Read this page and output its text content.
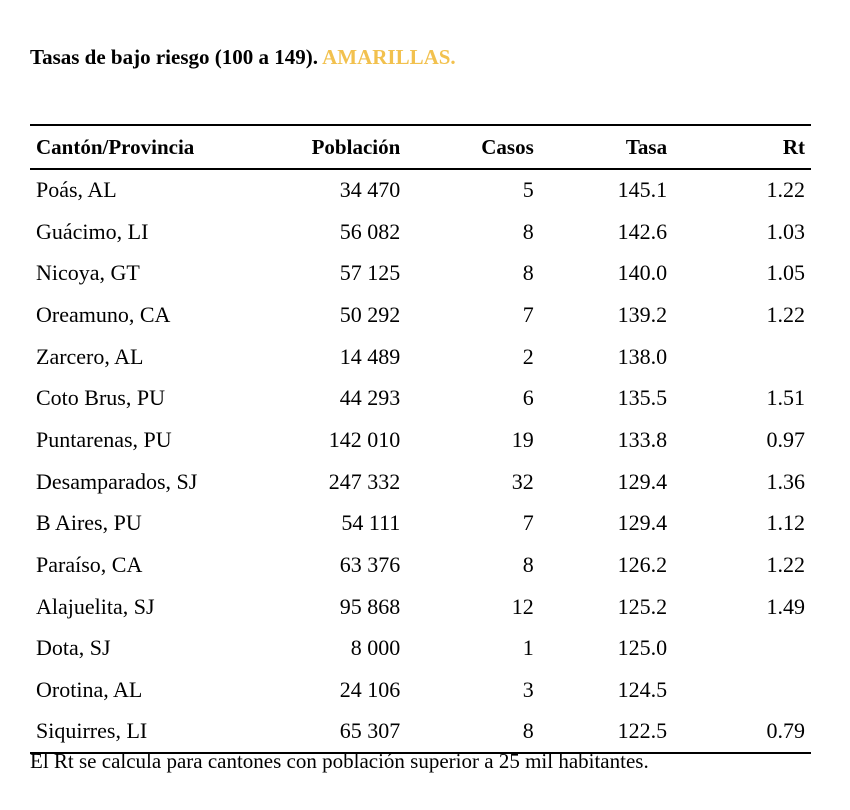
Tasas de bajo riesgo (100 a 149). AMARILLAS.
Cantón/Provincia	Población	Casos	Tasa	Rt
Poás, AL	34 470	5	145.1	1.22
Guácimo, LI	56 082	8	142.6	1.03
Nicoya, GT	57 125	8	140.0	1.05
Oreamuno, CA	50 292	7	139.2	1.22
Zarcero, AL	14 489	2	138.0	
Coto Brus, PU	44 293	6	135.5	1.51
Puntarenas, PU	142 010	19	133.8	0.97
Desamparados, SJ	247 332	32	129.4	1.36
B Aires, PU	54 111	7	129.4	1.12
Paraíso, CA	63 376	8	126.2	1.22
Alajuelita, SJ	95 868	12	125.2	1.49
Dota, SJ	8 000	1	125.0	
Orotina, AL	24 106	3	124.5	
Siquirres, LI	65 307	8	122.5	0.79
El Rt se calcula para cantones con población superior a 25 mil habitantes.
